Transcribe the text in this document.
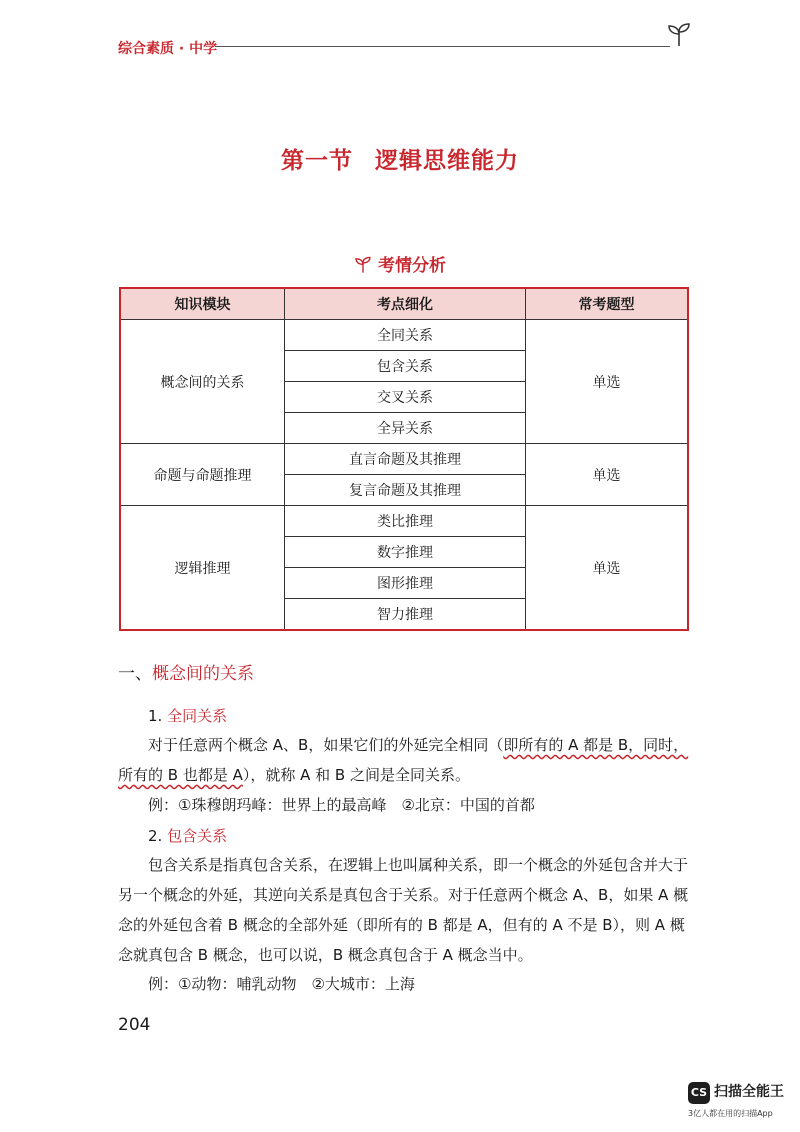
综合素质 · 中学
第一节 逻辑思维能力
考情分析
知识模块	考点细化	常考题型
概念间的关系	全同关系	单选
	包含关系	
	交叉关系	
	全异关系	
命题与命题推理	直言命题及其推理	单选
	复言命题及其推理	
逻辑推理	类比推理	单选
	数字推理	
	图形推理	
	智力推理	
一、概念间的关系
1. 全同关系
对于任意两个概念 A、B，如果它们的外延完全相同（即所有的 A 都是 B，同时，所有的 B 也都是 A），就称 A 和 B 之间是全同关系。
例：①珠穆朗玛峰：世界上的最高峰　②北京：中国的首都
2. 包含关系
包含关系是指真包含关系，在逻辑上也叫属种关系，即一个概念的外延包含并大于另一个概念的外延，其逆向关系是真包含于关系。对于任意两个概念 A、B，如果 A 概念的外延包含着 B 概念的全部外延（即所有的 B 都是 A，但有的 A 不是 B），则 A 概念就真包含 B 概念，也可以说，B 概念真包含于 A 概念当中。
例：①动物：哺乳动物　②大城市：上海
204
CS 扫描全能王
3亿人都在用的扫描App
